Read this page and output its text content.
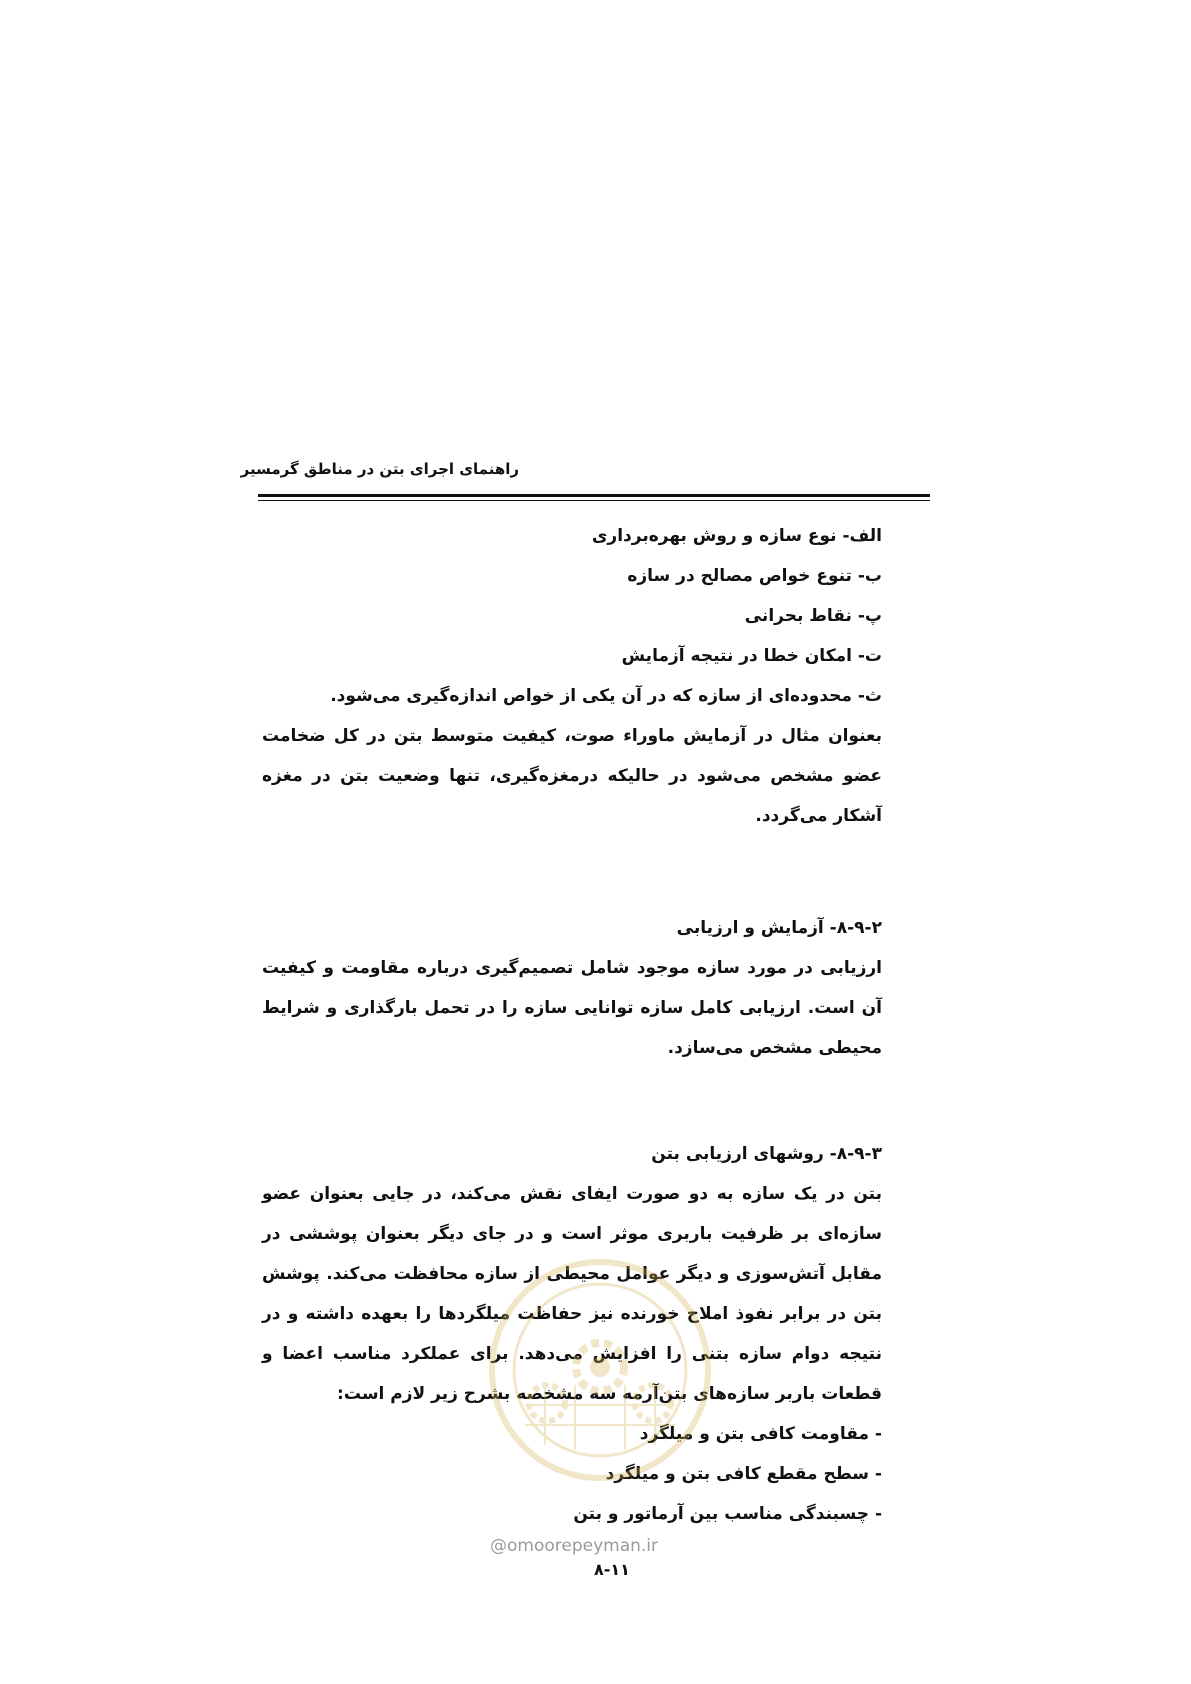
راهنمای اجرای بتن در مناطق گرمسیر
الف- نوع سازه و روش بهره‌برداری
ب- تنوع خواص مصالح در سازه
پ- نقاط بحرانی
ت- امکان خطا در نتیجه آزمایش
ث- محدوده‌ای از سازه که در آن یکی از خواص اندازه‌گیری می‌شود.
بعنوان مثال در آزمایش ماوراء صوت، کیفیت متوسط بتن در کل ضخامت عضو مشخص می‌شود در حالیکه درمغزه‌گیری، تنها وضعیت بتن در مغزه آشکار می‌گردد.
۸-۹-۲- آزمایش و ارزیابی
ارزیابی در مورد سازه موجود شامل تصمیم‌گیری درباره مقاومت و کیفیت آن است. ارزیابی کامل سازه توانایی سازه را در تحمل بارگذاری و شرایط محیطی مشخص می‌سازد.
۸-۹-۳- روشهای ارزیابی بتن
بتن در یک سازه به دو صورت ایفای نقش می‌کند، در جایی بعنوان عضو سازه‌ای بر ظرفیت باربری موثر است و در جای دیگر بعنوان پوششی در مقابل آتش‌سوزی و دیگر عوامل محیطی از سازه محافظت می‌کند. پوشش بتن در برابر نفوذ املاح خورنده نیز حفاظت میلگردها را بعهده داشته و در نتیجه دوام سازه بتنی را افزایش می‌دهد. برای عملکرد مناسب اعضا و قطعات باربر سازه‌های بتن‌آرمه سه مشخصه بشرح زیر لازم است:
- مقاومت کافی بتن و میلگرد
- سطح مقطع کافی بتن و میلگرد
- چسبندگی مناسب بین آرماتور و بتن
@omoorepeyman.ir
۸-۱۱
